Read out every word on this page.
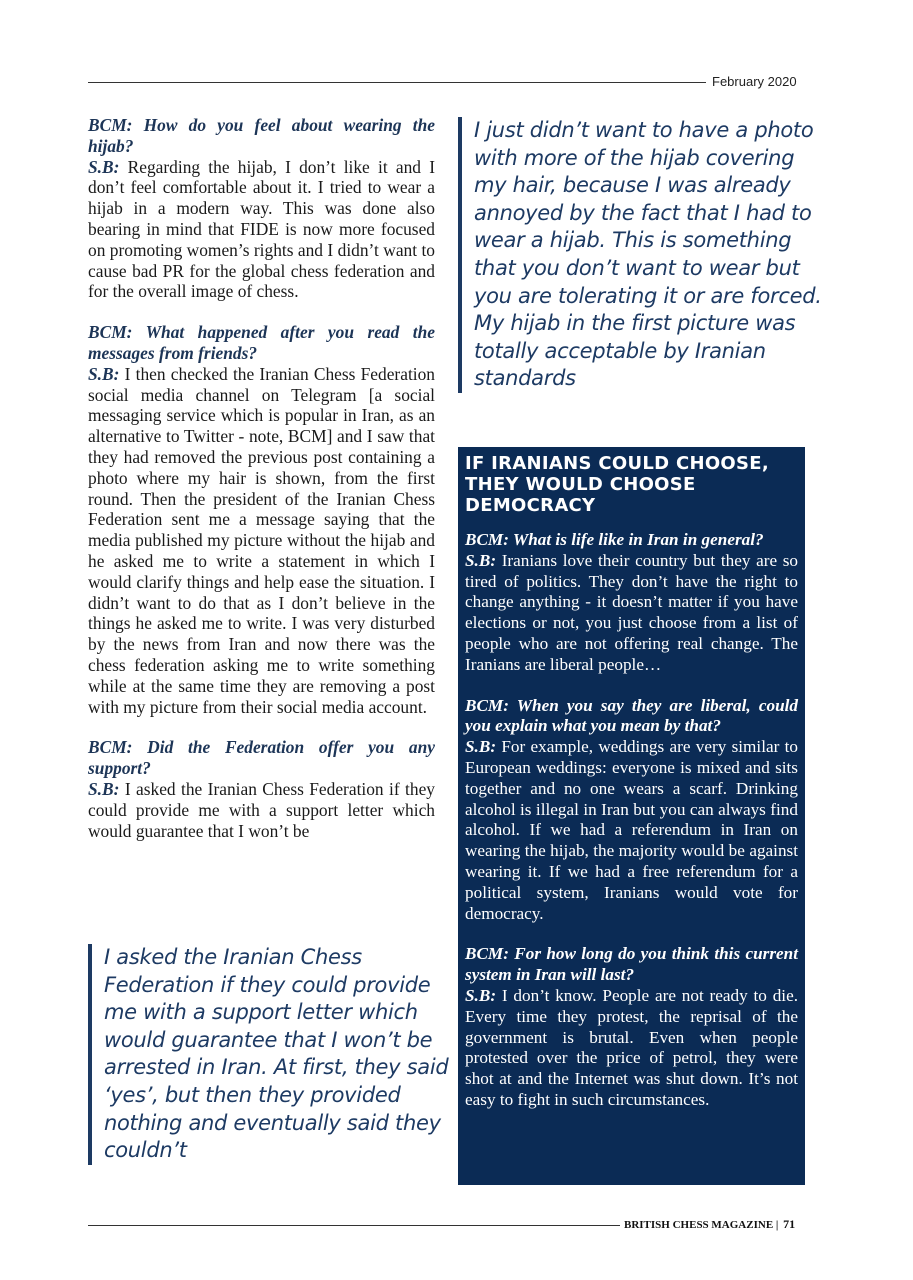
February 2020

BCM: How do you feel about wearing the hijab?
S.B: Regarding the hijab, I don’t like it and I don’t feel comfortable about it. I tried to wear a hijab in a modern way. This was done also bearing in mind that FIDE is now more focused on promoting women’s rights and I didn’t want to cause bad PR for the global chess federation and for the overall image of chess.

BCM: What happened after you read the messages from friends?
S.B: I then checked the Iranian Chess Federation social media channel on Telegram [a social messaging service which is popular in Iran, as an alternative to Twitter - note, BCM] and I saw that they had removed the previous post containing a photo where my hair is shown, from the first round. Then the president of the Iranian Chess Federation sent me a message saying that the media published my picture without the hijab and he asked me to write a statement in which I would clarify things and help ease the situation. I didn’t want to do that as I don’t believe in the things he asked me to write. I was very disturbed by the news from Iran and now there was the chess federation asking me to write something while at the same time they are removing a post with my picture from their social media account.

BCM: Did the Federation offer you any support?
S.B: I asked the Iranian Chess Federation if they could provide me with a support letter which would guarantee that I won’t be

I asked the Iranian Chess Federation if they could provide me with a support letter which would guarantee that I won’t be arrested in Iran. At first, they said ‘yes’, but then they provided nothing and eventually said they couldn’t

I just didn’t want to have a photo with more of the hijab covering my hair, because I was already annoyed by the fact that I had to wear a hijab. This is something that you don’t want to wear but you are tolerating it or are forced. My hijab in the first picture was totally acceptable by Iranian standards

IF IRANIANS COULD CHOOSE, THEY WOULD CHOOSE DEMOCRACY

BCM: What is life like in Iran in general?
S.B: Iranians love their country but they are so tired of politics. They don’t have the right to change anything - it doesn’t matter if you have elections or not, you just choose from a list of people who are not offering real change. The Iranians are liberal people…

BCM: When you say they are liberal, could you explain what you mean by that?
S.B: For example, weddings are very similar to European weddings: everyone is mixed and sits together and no one wears a scarf. Drinking alcohol is illegal in Iran but you can always find alcohol. If we had a referendum in Iran on wearing the hijab, the majority would be against wearing it. If we had a free referendum for a political system, Iranians would vote for democracy.

BCM: For how long do you think this current system in Iran will last?
S.B: I don’t know. People are not ready to die. Every time they protest, the reprisal of the government is brutal. Even when people protested over the price of petrol, they were shot at and the Internet was shut down. It’s not easy to fight in such circumstances.

BRITISH CHESS MAGAZINE | 71
